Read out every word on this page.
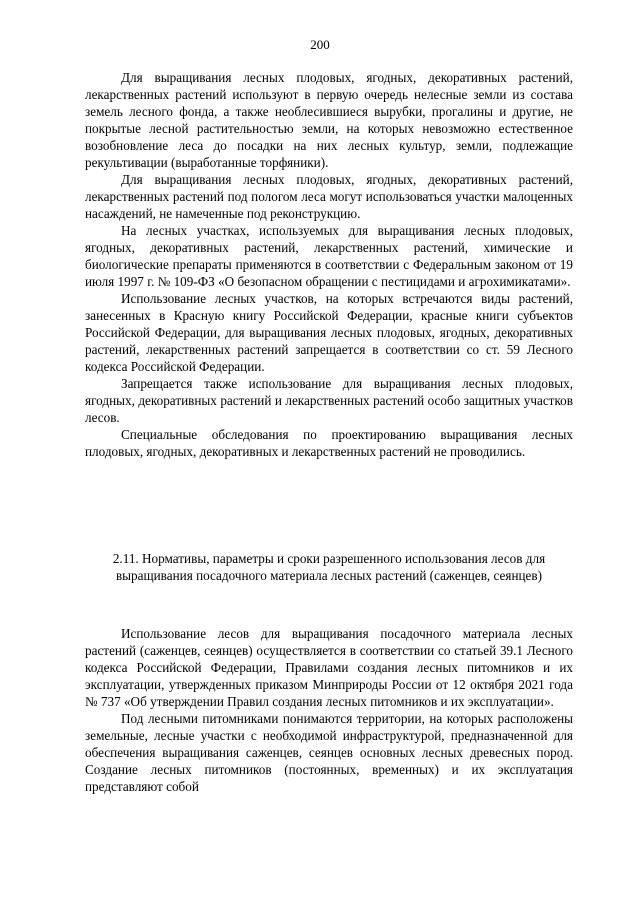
200

Для выращивания лесных плодовых, ягодных, декоративных растений, лекарственных растений используют в первую очередь нелесные земли из состава земель лесного фонда, а также необлесившиеся вырубки, прогалины и другие, не покрытые лесной растительностью земли, на которых невозможно естественное возобновление леса до посадки на них лесных культур, земли, подлежащие рекультивации (выработанные торфяники).

Для выращивания лесных плодовых, ягодных, декоративных растений, лекарственных растений под пологом леса могут использоваться участки малоценных насаждений, не намеченные под реконструкцию.

На лесных участках, используемых для выращивания лесных плодовых, ягодных, декоративных растений, лекарственных растений, химические и биологические препараты применяются в соответствии с Федеральным законом от 19 июля 1997 г. № 109-ФЗ «О безопасном обращении с пестицидами и агрохимикатами».

Использование лесных участков, на которых встречаются виды растений, занесенных в Красную книгу Российской Федерации, красные книги субъектов Российской Федерации, для выращивания лесных плодовых, ягодных, декоративных растений, лекарственных растений запрещается в соответствии со ст. 59 Лесного кодекса Российской Федерации.

Запрещается также использование для выращивания лесных плодовых, ягодных, декоративных растений и лекарственных растений особо защитных участков лесов.

Специальные обследования по проектированию выращивания лесных плодовых, ягодных, декоративных и лекарственных растений не проводились.

2.11. Нормативы, параметры и сроки разрешенного использования лесов для выращивания посадочного материала лесных растений (саженцев, сеянцев)

Использование лесов для выращивания посадочного материала лесных растений (саженцев, сеянцев) осуществляется в соответствии со статьей 39.1 Лесного кодекса Российской Федерации, Правилами создания лесных питомников и их эксплуатации, утвержденных приказом Минприроды России от 12 октября 2021 года № 737 «Об утверждении Правил создания лесных питомников и их эксплуатации».

Под лесными питомниками понимаются территории, на которых расположены земельные, лесные участки с необходимой инфраструктурой, предназначенной для обеспечения выращивания саженцев, сеянцев основных лесных древесных пород. Создание лесных питомников (постоянных, временных) и их эксплуатация представляют собой
